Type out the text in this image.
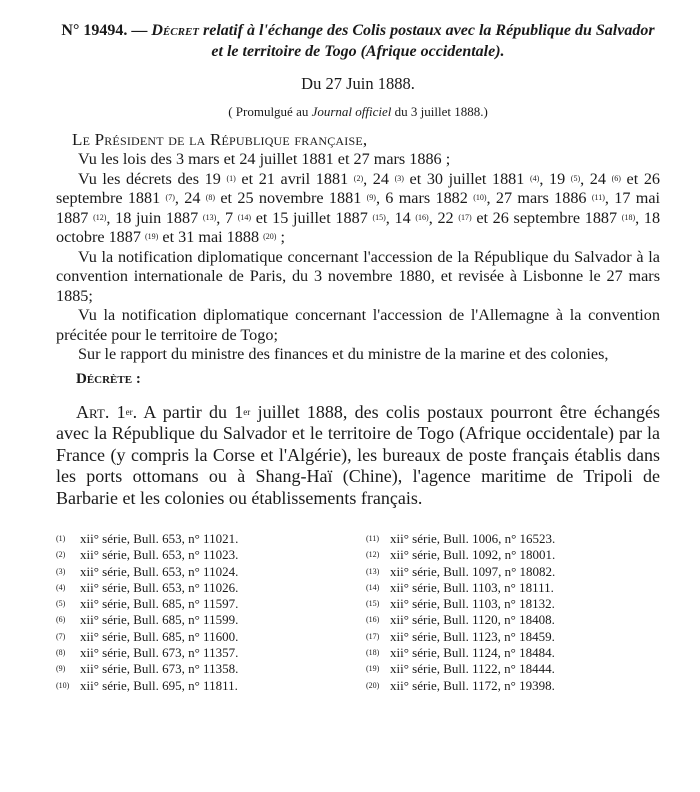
N° 19494. — Décret relatif à l'échange des Colis postaux avec la République du Salvador et le territoire de Togo (Afrique occidentale).
Du 27 Juin 1888.
( Promulgué au Journal officiel du 3 juillet 1888.)
Le Président de la République française,
Vu les lois des 3 mars et 24 juillet 1881 et 27 mars 1886 ;
Vu les décrets des 19 $^{(1)}$ et 21 avril 1881 $^{(2)}$, 24 $^{(3)}$ et 30 juillet 1881 $^{(4)}$, 19 $^{(5)}$, 24 $^{(6)}$ et 26 septembre 1881 $^{(7)}$, 24 $^{(8)}$ et 25 novembre 1881 $^{(9)}$, 6 mars 1882 $^{(10)}$, 27 mars 1886 $^{(11)}$, 17 mai 1887 $^{(12)}$, 18 juin 1887 $^{(13)}$, 7 $^{(14)}$ et 15 juillet 1887 $^{(15)}$, 14 $^{(16)}$, 22 $^{(17)}$ et 26 septembre 1887 $^{(18)}$, 18 octobre 1887 $^{(19)}$ et 31 mai 1888 $^{(20)}$ ;
Vu la notification diplomatique concernant l'accession de la République du Salvador à la convention internationale de Paris, du 3 novembre 1880, et revisée à Lisbonne le 27 mars 1885;
Vu la notification diplomatique concernant l'accession de l'Allemagne à la convention précitée pour le territoire de Togo;
Sur le rapport du ministre des finances et du ministre de la marine et des colonies,
Décrète :
Art. 1er. A partir du 1er juillet 1888, des colis postaux pourront être échangés avec la République du Salvador et le territoire de Togo (Afrique occidentale) par la France (y compris la Corse et l'Algérie), les bureaux de poste français établis dans les ports ottomans ou à Shang-Haï (Chine), l'agence maritime de Tripoli de Barbarie et les colonies ou établissements français.
(1) xii° série, Bull. 653, n° 11021.
(2) xii° série, Bull. 653, n° 11023.
(3) xii° série, Bull. 653, n° 11024.
(4) xii° série, Bull. 653, n° 11026.
(5) xii° série, Bull. 685, n° 11597.
(6) xii° série, Bull. 685, n° 11599.
(7) xii° série, Bull. 685, n° 11600.
(8) xii° série, Bull. 673, n° 11357.
(9) xii° série, Bull. 673, n° 11358.
(10) xii° série, Bull. 695, n° 11811.
(11) xii° série, Bull. 1006, n° 16523.
(12) xii° série, Bull. 1092, n° 18001.
(13) xii° série, Bull. 1097, n° 18082.
(14) xii° série, Bull. 1103, n° 18111.
(15) xii° série, Bull. 1103, n° 18132.
(16) xii° série, Bull. 1120, n° 18408.
(17) xii° série, Bull. 1123, n° 18459.
(18) xii° série, Bull. 1124, n° 18484.
(19) xii° série, Bull. 1122, n° 18444.
(20) xii° série, Bull. 1172, n° 19398.
